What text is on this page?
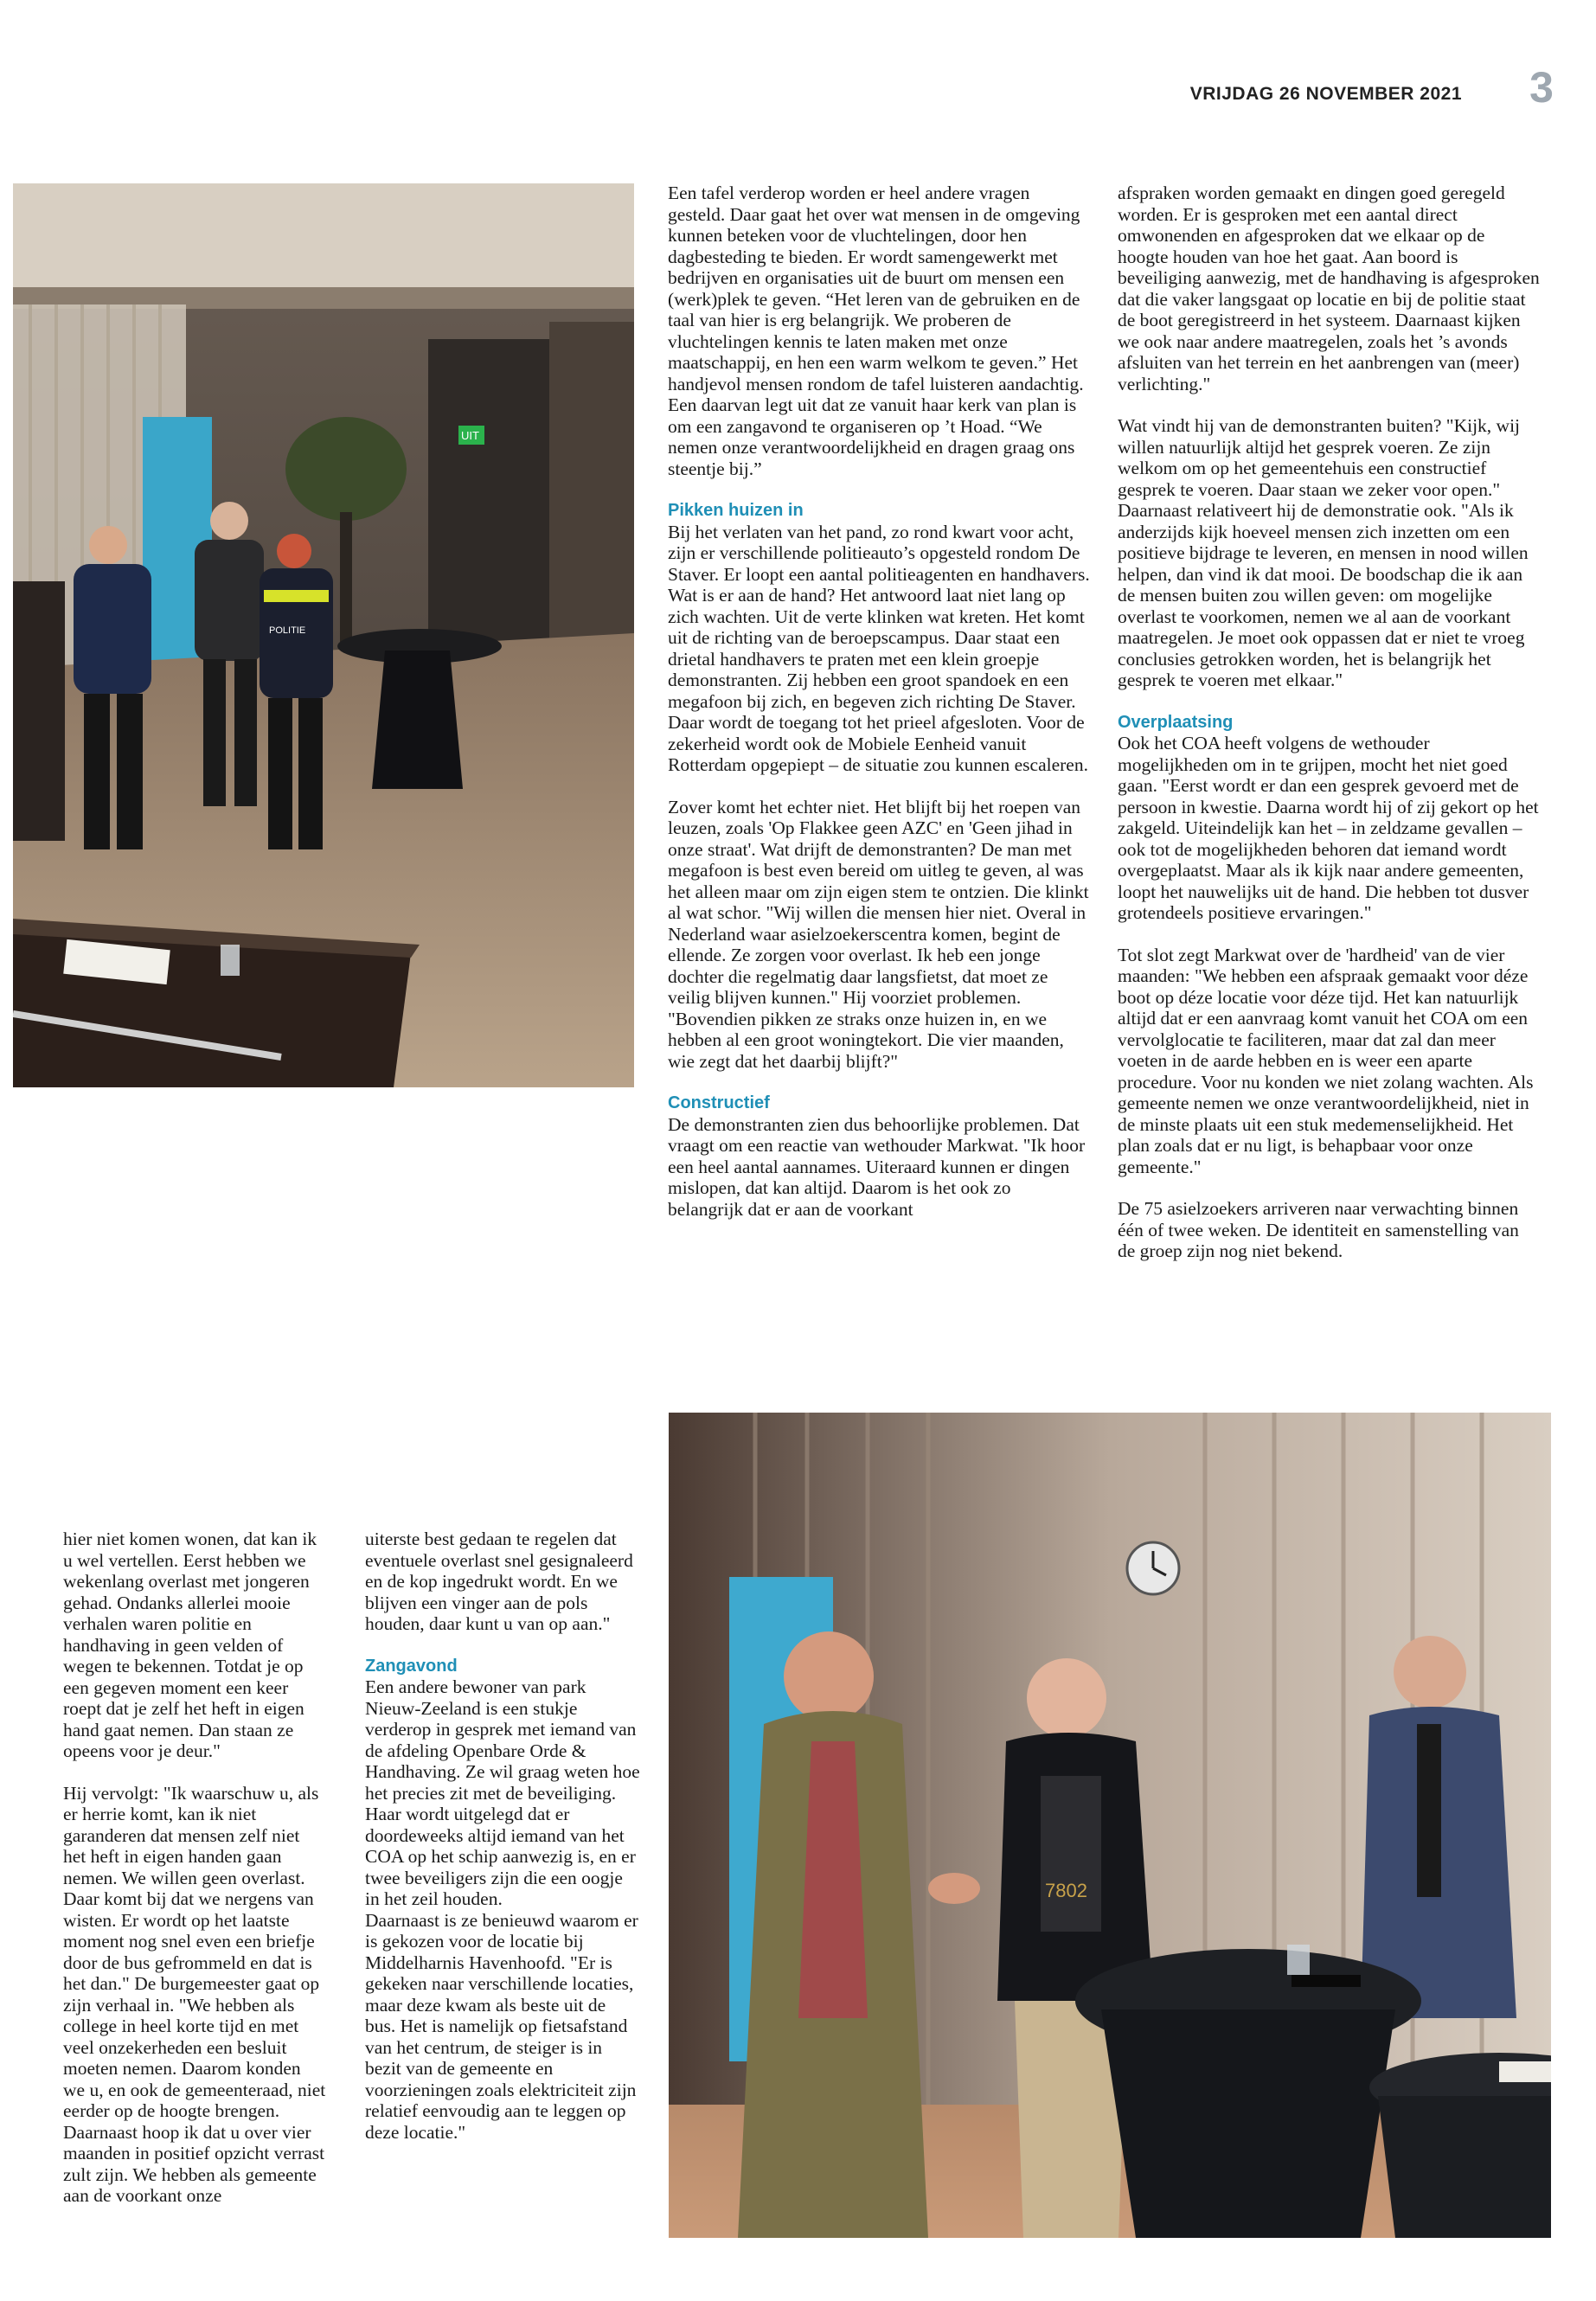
VRIJDAG 26 NOVEMBER 2021	3
UIT
POLITIE

Een tafel verderop worden er heel andere vragen gesteld. Daar gaat het over wat mensen in de omgeving kunnen beteken voor de vluchtelingen, door hen dagbesteding te bieden. Er wordt samengewerkt met bedrijven en organisaties uit de buurt om mensen een (werk)plek te geven. “Het leren van de gebruiken en de taal van hier is erg belangrijk. We proberen de vluchtelingen kennis te laten maken met onze maatschappij, en hen een warm welkom te geven.” Het handjevol mensen rondom de tafel luisteren aandachtig. Een daarvan legt uit dat ze vanuit haar kerk van plan is om een zangavond te organiseren op ’t Hoad. “We nemen onze verantwoordelijkheid en dragen graag ons steentje bij.”

Pikken huizen in

Bij het verlaten van het pand, zo rond kwart voor acht, zijn er verschillende politieauto’s opgesteld rondom De Staver. Er loopt een aantal politieagenten en handhavers. Wat is er aan de hand? Het antwoord laat niet lang op zich wachten. Uit de verte klinken wat kreten. Het komt uit de richting van de beroepscampus. Daar staat een drietal handhavers te praten met een klein groepje demonstranten. Zij hebben een groot spandoek en een megafoon bij zich, en begeven zich richting De Staver. Daar wordt de toegang tot het prieel afgesloten. Voor de zekerheid wordt ook de Mobiele Eenheid vanuit Rotterdam opgepiept – de situatie zou kunnen escaleren.

Zover komt het echter niet. Het blijft bij het roepen van leuzen, zoals 'Op Flakkee geen AZC' en 'Geen jihad in onze straat'. Wat drijft de demonstranten? De man met megafoon is best even bereid om uitleg te geven, al was het alleen maar om zijn eigen stem te ontzien. Die klinkt al wat schor. "Wij willen die mensen hier niet. Overal in Nederland waar asielzoekerscentra komen, begint de ellende. Ze zorgen voor overlast. Ik heb een jonge dochter die regelmatig daar langsfietst, dat moet ze veilig blijven kunnen." Hij voorziet problemen. "Bovendien pikken ze straks onze huizen in, en we hebben al een groot woningtekort. Die vier maanden, wie zegt dat het daarbij blijft?"

Constructief

De demonstranten zien dus behoorlijke problemen. Dat vraagt om een reactie van wethouder Markwat. "Ik hoor een heel aantal aannames. Uiteraard kunnen er dingen mislopen, dat kan altijd. Daarom is het ook zo belangrijk dat er aan de voorkant

afspraken worden gemaakt en dingen goed geregeld worden. Er is gesproken met een aantal direct omwonenden en afgesproken dat we elkaar op de hoogte houden van hoe het gaat. Aan boord is beveiliging aanwezig, met de handhaving is afgesproken dat die vaker langsgaat op locatie en bij de politie staat de boot geregistreerd in het systeem. Daarnaast kijken we ook naar andere maatregelen, zoals het ’s avonds afsluiten van het terrein en het aanbrengen van (meer) verlichting."

Wat vindt hij van de demonstranten buiten? "Kijk, wij willen natuurlijk altijd het gesprek voeren. Ze zijn welkom om op het gemeentehuis een constructief gesprek te voeren. Daar staan we zeker voor open." Daarnaast relativeert hij de demonstratie ook. "Als ik anderzijds kijk hoeveel mensen zich inzetten om een positieve bijdrage te leveren, en mensen in nood willen helpen, dan vind ik dat mooi. De boodschap die ik aan de mensen buiten zou willen geven: om mogelijke overlast te voorkomen, nemen we al aan de voorkant maatregelen. Je moet ook oppassen dat er niet te vroeg conclusies getrokken worden, het is belangrijk het gesprek te voeren met elkaar."

Overplaatsing

Ook het COA heeft volgens de wethouder mogelijkheden om in te grijpen, mocht het niet goed gaan. "Eerst wordt er dan een gesprek gevoerd met de persoon in kwestie. Daarna wordt hij of zij gekort op het zakgeld. Uiteindelijk kan het – in zeldzame gevallen – ook tot de mogelijkheden behoren dat iemand wordt overgeplaatst. Maar als ik kijk naar andere gemeenten, loopt het nauwelijks uit de hand. Die hebben tot dusver grotendeels positieve ervaringen."

Tot slot zegt Markwat over de 'hardheid' van de vier maanden: "We hebben een afspraak gemaakt voor déze boot op déze locatie voor déze tijd. Het kan natuurlijk altijd dat er een aanvraag komt vanuit het COA om een vervolglocatie te faciliteren, maar dat zal dan meer voeten in de aarde hebben en is weer een aparte procedure. Voor nu konden we niet zolang wachten. Als gemeente nemen we onze verantwoordelijkheid, niet in de minste plaats uit een stuk medemenselijkheid. Het plan zoals dat er nu ligt, is behapbaar voor onze gemeente."

De 75 asielzoekers arriveren naar verwachting binnen één of twee weken. De identiteit en samenstelling van de groep zijn nog niet bekend.

hier niet komen wonen, dat kan ik u wel vertellen. Eerst hebben we wekenlang overlast met jongeren gehad. Ondanks allerlei mooie verhalen waren politie en handhaving in geen velden of wegen te bekennen. Totdat je op een gegeven moment een keer roept dat je zelf het heft in eigen hand gaat nemen. Dan staan ze opeens voor je deur."

Hij vervolgt: "Ik waarschuw u, als er herrie komt, kan ik niet garanderen dat mensen zelf niet het heft in eigen handen gaan nemen. We willen geen overlast. Daar komt bij dat we nergens van wisten. Er wordt op het laatste moment nog snel even een briefje door de bus gefrommeld en dat is het dan." De burgemeester gaat op zijn verhaal in. "We hebben als college in heel korte tijd en met veel onzekerheden een besluit moeten nemen. Daarom konden we u, en ook de gemeenteraad, niet eerder op de hoogte brengen. Daarnaast hoop ik dat u over vier maanden in positief opzicht verrast zult zijn. We hebben als gemeente aan de voorkant onze

uiterste best gedaan te regelen dat eventuele overlast snel gesignaleerd en de kop ingedrukt wordt. En we blijven een vinger aan de pols houden, daar kunt u van op aan."

Zangavond

Een andere bewoner van park Nieuw-Zeeland is een stukje verderop in gesprek met iemand van de afdeling Openbare Orde & Handhaving. Ze wil graag weten hoe het precies zit met de beveiliging. Haar wordt uitgelegd dat er doordeweeks altijd iemand van het COA op het schip aanwezig is, en er twee beveiligers zijn die een oogje in het zeil houden.

Daarnaast is ze benieuwd waarom er is gekozen voor de locatie bij Middelharnis Havenhoofd. "Er is gekeken naar verschillende locaties, maar deze kwam als beste uit de bus. Het is namelijk op fietsafstand van het centrum, de steiger is in bezit van de gemeente en voorzieningen zoals elektriciteit zijn relatief eenvoudig aan te leggen op deze locatie."

7802
